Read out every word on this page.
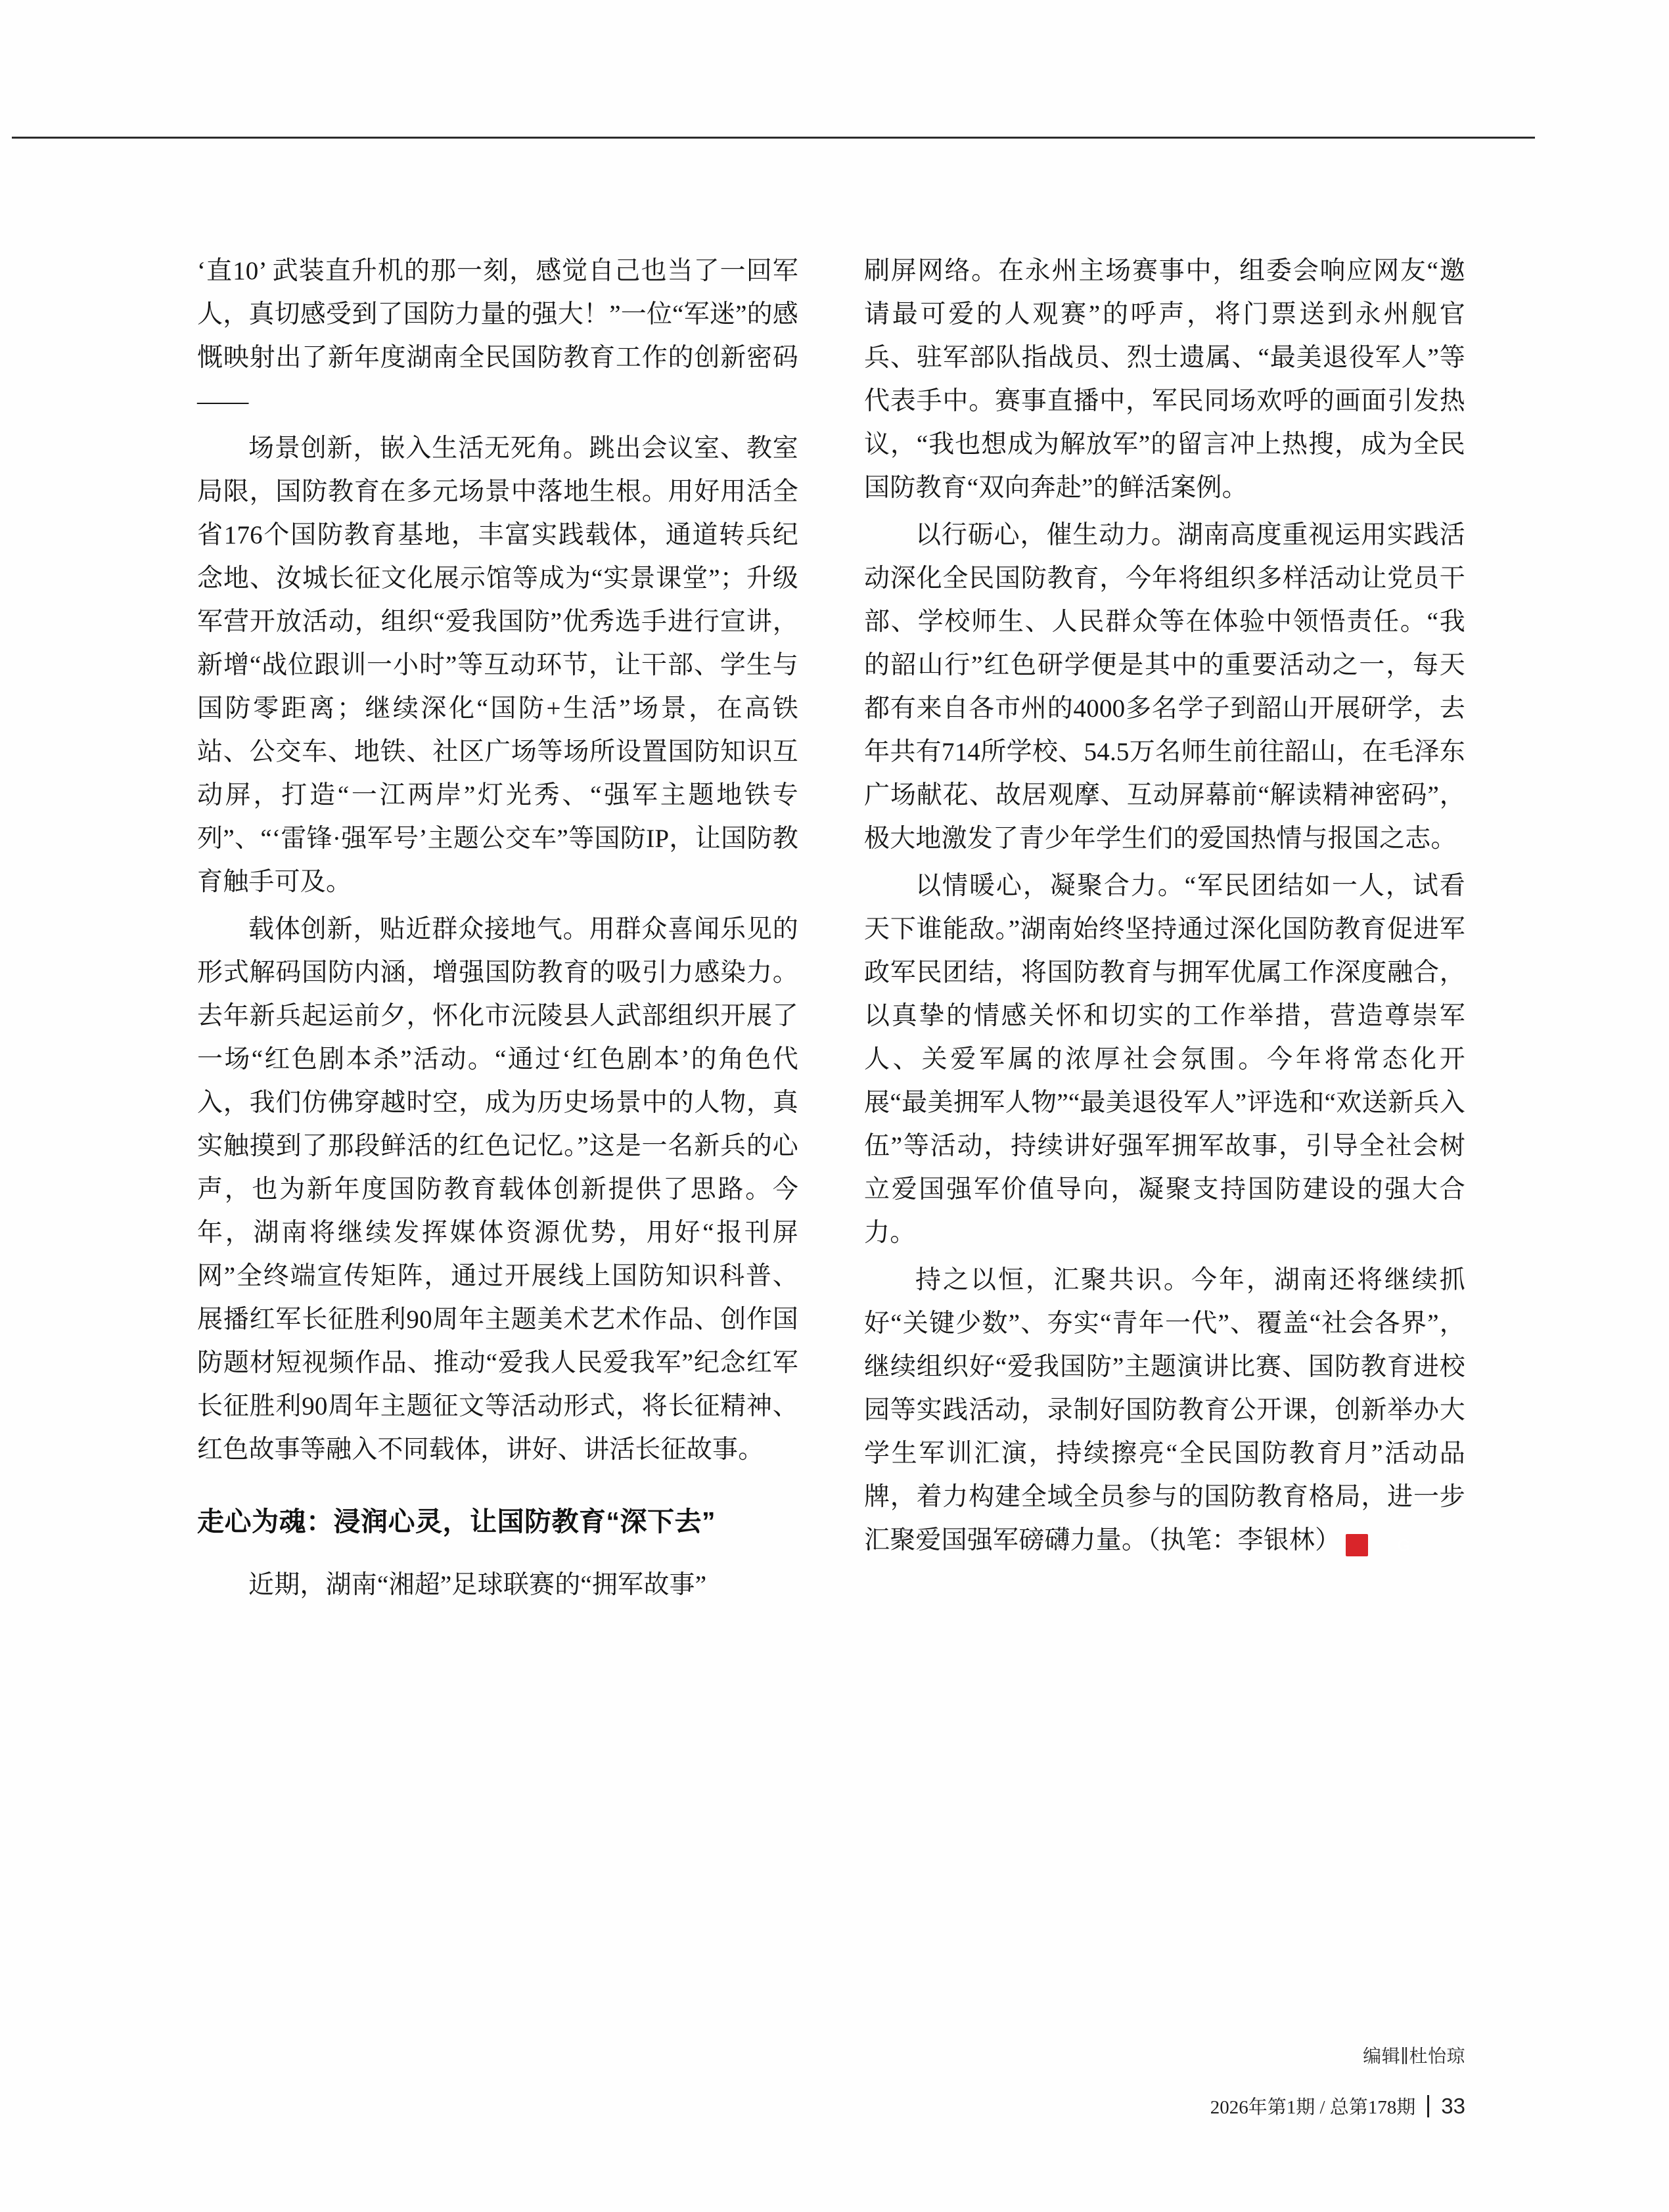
‘直10’ 武装直升机的那一刻，感觉自己也当了一回军人，真切感受到了国防力量的强大！”一位“军迷”的感慨映射出了新年度湖南全民国防教育工作的创新密码——

场景创新，嵌入生活无死角。跳出会议室、教室局限，国防教育在多元场景中落地生根。用好用活全省176个国防教育基地，丰富实践载体，通道转兵纪念地、汝城长征文化展示馆等成为“实景课堂”；升级军营开放活动，组织“爱我国防”优秀选手进行宣讲，新增“战位跟训一小时”等互动环节，让干部、学生与国防零距离；继续深化“国防+生活”场景，在高铁站、公交车、地铁、社区广场等场所设置国防知识互动屏，打造“一江两岸”灯光秀、“强军主题地铁专列”、“‘雷锋·强军号’主题公交车”等国防IP，让国防教育触手可及。

载体创新，贴近群众接地气。用群众喜闻乐见的形式解码国防内涵，增强国防教育的吸引力感染力。去年新兵起运前夕，怀化市沅陵县人武部组织开展了一场“红色剧本杀”活动。“通过‘红色剧本’的角色代入，我们仿佛穿越时空，成为历史场景中的人物，真实触摸到了那段鲜活的红色记忆。”这是一名新兵的心声，也为新年度国防教育载体创新提供了思路。今年，湖南将继续发挥媒体资源优势，用好“报刊屏网”全终端宣传矩阵，通过开展线上国防知识科普、展播红军长征胜利90周年主题美术艺术作品、创作国防题材短视频作品、推动“爱我人民爱我军”纪念红军长征胜利90周年主题征文等活动形式，将长征精神、红色故事等融入不同载体，讲好、讲活长征故事。

走心为魂：浸润心灵，让国防教育“深下去”

近期，湖南“湘超”足球联赛的“拥军故事”

刷屏网络。在永州主场赛事中，组委会响应网友“邀请最可爱的人观赛”的呼声，将门票送到永州舰官兵、驻军部队指战员、烈士遗属、“最美退役军人”等代表手中。赛事直播中，军民同场欢呼的画面引发热议，“我也想成为解放军”的留言冲上热搜，成为全民国防教育“双向奔赴”的鲜活案例。

以行砺心，催生动力。湖南高度重视运用实践活动深化全民国防教育，今年将组织多样活动让党员干部、学校师生、人民群众等在体验中领悟责任。“我的韶山行”红色研学便是其中的重要活动之一，每天都有来自各市州的4000多名学子到韶山开展研学，去年共有714所学校、54.5万名师生前往韶山，在毛泽东广场献花、故居观摩、互动屏幕前“解读精神密码”，极大地激发了青少年学生们的爱国热情与报国之志。

以情暖心，凝聚合力。“军民团结如一人，试看天下谁能敌。”湖南始终坚持通过深化国防教育促进军政军民团结，将国防教育与拥军优属工作深度融合，以真挚的情感关怀和切实的工作举措，营造尊崇军人、关爱军属的浓厚社会氛围。今年将常态化开展“最美拥军人物”“最美退役军人”评选和“欢送新兵入伍”等活动，持续讲好强军拥军故事，引导全社会树立爱国强军价值导向，凝聚支持国防建设的强大合力。

持之以恒，汇聚共识。今年，湖南还将继续抓好“关键少数”、夯实“青年一代”、覆盖“社会各界”，继续组织好“爱我国防”主题演讲比赛、国防教育进校园等实践活动，录制好国防教育公开课，创新举办大学生军训汇演，持续擦亮“全民国防教育月”活动品牌，着力构建全域全员参与的国防教育格局，进一步汇聚爱国强军磅礴力量。（执笔：李银林）	G

编辑∥杜怡琼
2026年第1期 / 总第178期 33
